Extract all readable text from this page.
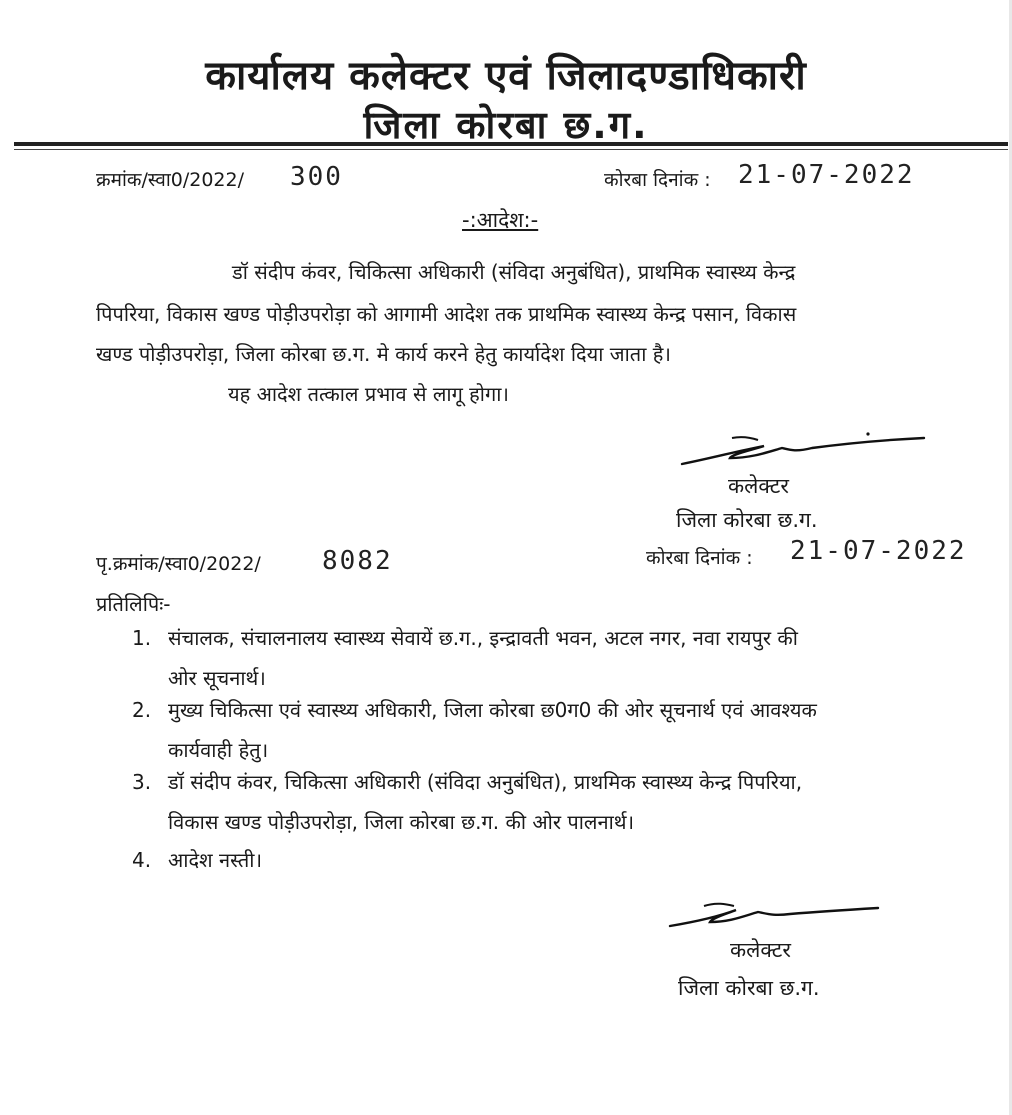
कार्यालय कलेक्टर एवं जिलादण्डाधिकारी
जिला कोरबा छ.ग.
क्रमांक/स्वा0/2022/ 300	कोरबा दिनांक : 21-07-2022
-:आदेश:-
डॉ संदीप कंवर, चिकित्सा अधिकारी (संविदा अनुबंधित), प्राथमिक स्वास्थ्य केन्द्र
पिपरिया, विकास खण्ड पोड़ीउपरोड़ा को आगामी आदेश तक प्राथमिक स्वास्थ्य केन्द्र पसान, विकास
खण्ड पोड़ीउपरोड़ा, जिला कोरबा छ.ग. मे कार्य करने हेतु कार्यादेश दिया जाता है।
यह आदेश तत्काल प्रभाव से लागू होगा।
कलेक्टर
जिला कोरबा छ.ग.
पृ.क्रमांक/स्वा0/2022/ 8082	कोरबा दिनांक : 21-07-2022
प्रतिलिपिः-
1. संचालक, संचालनालय स्वास्थ्य सेवायें छ.ग., इन्द्रावती भवन, अटल नगर, नवा रायपुर की
ओर सूचनार्थ।
2. मुख्य चिकित्सा एवं स्वास्थ्य अधिकारी, जिला कोरबा छ0ग0 की ओर सूचनार्थ एवं आवश्यक
कार्यवाही हेतु।
3. डॉ संदीप कंवर, चिकित्सा अधिकारी (संविदा अनुबंधित), प्राथमिक स्वास्थ्य केन्द्र पिपरिया,
विकास खण्ड पोड़ीउपरोड़ा, जिला कोरबा छ.ग. की ओर पालनार्थ।
4. आदेश नस्ती।
कलेक्टर
जिला कोरबा छ.ग.
